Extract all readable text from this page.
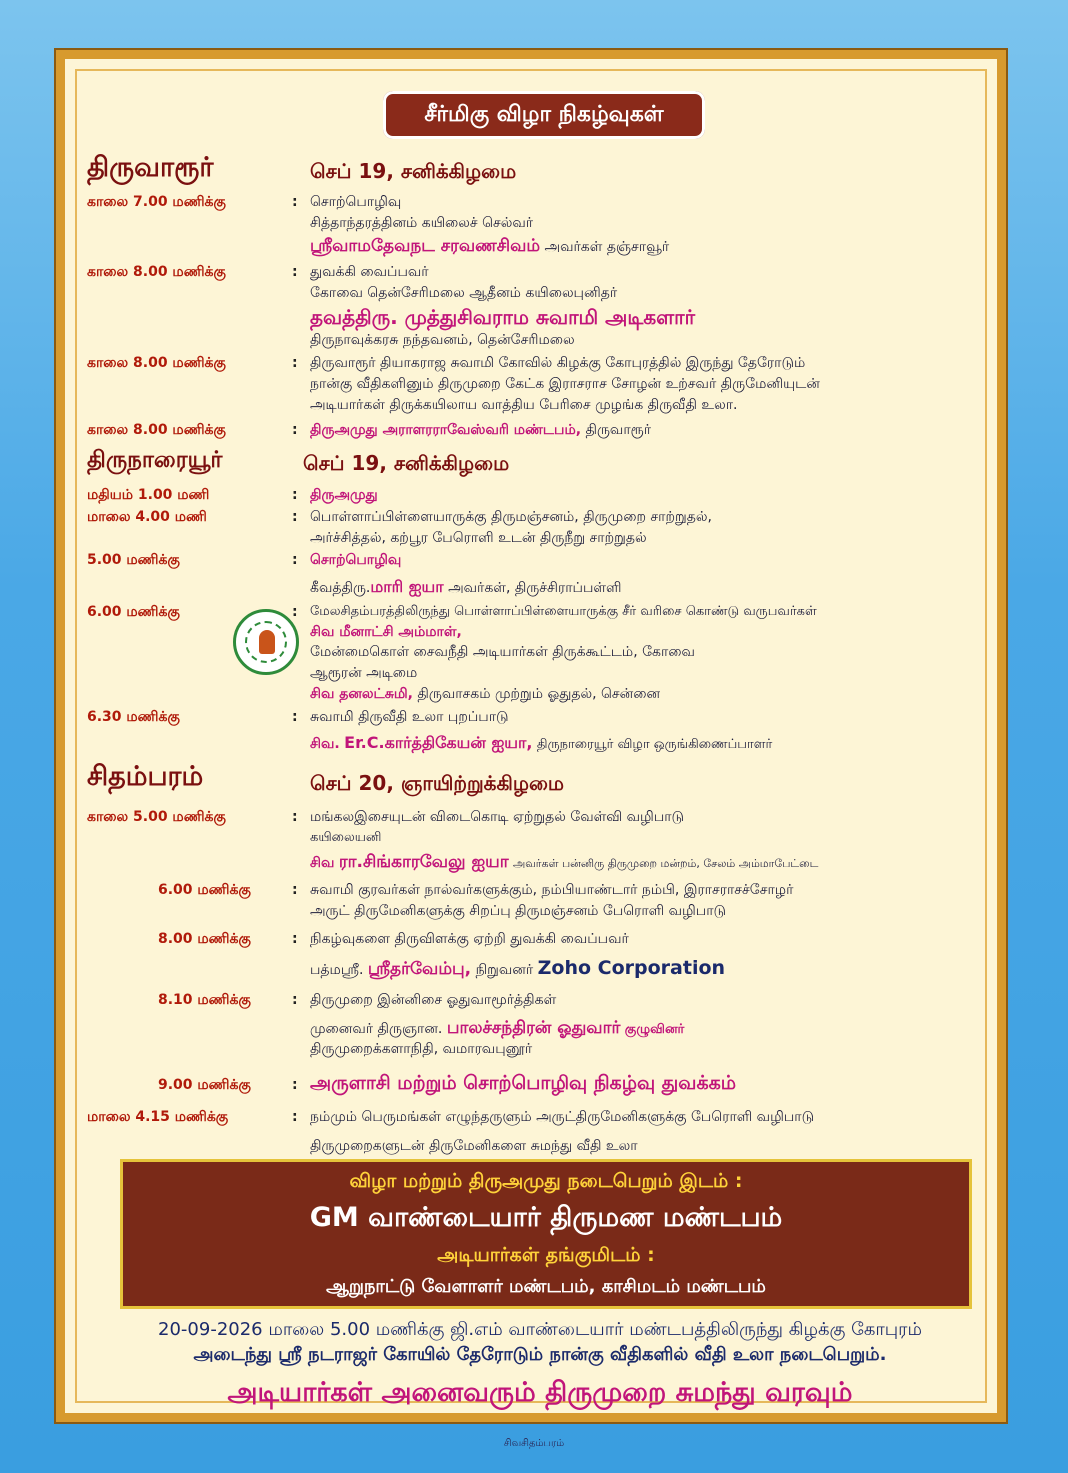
சீர்மிகு விழா நிகழ்வுகள்
திருவாரூர்	செப் 19, சனிக்கிழமை
காலை 7.00 மணிக்கு	: சொற்பொழிவு
சித்தாந்தரத்தினம் கயிலைச் செல்வர்
ஸ்ரீவாமதேவநட சரவணசிவம் அவர்கள் தஞ்சாவூர்
காலை 8.00 மணிக்கு	: துவக்கி வைப்பவர்
கோவை தென்சேரிமலை ஆதீனம் கயிலைபுனிதர்
தவத்திரு. முத்துசிவராம சுவாமி அடிகளார்
திருநாவுக்கரசு நந்தவனம், தென்சேரிமலை
காலை 8.00 மணிக்கு	: திருவாரூர் தியாகராஜ சுவாமி கோவில் கிழக்கு கோபுரத்தில் இருந்து தேரோடும்
நான்கு வீதிகளினும் திருமுறை கேட்க இராசராச சோழன் உற்சவர் திருமேனியுடன்
அடியார்கள் திருக்கயிலாய வாத்திய பேரிசை முழங்க திருவீதி உலா.
காலை 8.00 மணிக்கு	: திருஅமுது அராளரராவேஸ்வரி மண்டபம், திருவாரூர்
திருநாரையூர்	செப் 19, சனிக்கிழமை
மதியம் 1.00 மணி	: திருஅமுது
மாலை 4.00 மணி	: பொள்ளாப்பிள்ளையாருக்கு திருமஞ்சனம், திருமுறை சாற்றுதல்,
அர்ச்சித்தல், கற்பூர பேரொளி உடன் திருநீறு சாற்றுதல்
5.00 மணிக்கு	: சொற்பொழிவு
கீவத்திரு.மாரி ஐயா அவர்கள், திருச்சிராப்பள்ளி
6.00 மணிக்கு	: மேலசிதம்பரத்திலிருந்து பொள்ளாப்பிள்ளையாருக்கு சீர் வரிசை கொண்டு வருபவர்கள்
சிவ மீனாட்சி அம்மாள்,
மேன்மைகொள் சைவநீதி அடியார்கள் திருக்கூட்டம், கோவை
ஆரூரன் அடிமை
சிவ தனலட்சுமி, திருவாசகம் முற்றும் ஓதுதல், சென்னை
6.30 மணிக்கு	: சுவாமி திருவீதி உலா புறப்பாடு
சிவ. Er.C.கார்த்திகேயன் ஐயா, திருநாரையூர் விழா ஒருங்கிணைப்பாளர்
சிதம்பரம்	செப் 20, ஞாயிற்றுக்கிழமை
காலை 5.00 மணிக்கு	: மங்கலஇசையுடன் விடைகொடி ஏற்றுதல் வேள்வி வழிபாடு
கயிலையனி
சிவ ரா.சிங்காரவேலு ஐயா அவர்கள் பன்னிரு திருமுறை மன்றம், சேலம் அம்மாபேட்டை
6.00 மணிக்கு	: சுவாமி குரவர்கள் நால்வர்களுக்கும், நம்பியாண்டார் நம்பி, இராசராசச்சோழர்
அருட் திருமேனிகளுக்கு சிறப்பு திருமஞ்சனம் பேரொளி வழிபாடு
8.00 மணிக்கு	: நிகழ்வுகளை திருவிளக்கு ஏற்றி துவக்கி வைப்பவர்
பத்மஸ்ரீ. ஸ்ரீதர்வேம்பு, நிறுவனர் Zoho Corporation
8.10 மணிக்கு	: திருமுறை இன்னிசை ஓதுவாமூர்த்திகள்
முனைவர் திருஞான. பாலச்சந்திரன் ஓதுவார் குழுவினர்
திருமுறைக்களாநிதி, வமாரவபுனூர்
9.00 மணிக்கு	: அருளாசி மற்றும் சொற்பொழிவு நிகழ்வு துவக்கம்
மாலை 4.15 மணிக்கு	: நம்மும் பெருமங்கள் எழுந்தருளும் அருட்திருமேனிகளுக்கு பேரொளி வழிபாடு
திருமுறைகளுடன் திருமேனிகளை சுமந்து வீதி உலா
விழா மற்றும் திருஅமுது நடைபெறும் இடம் :
GM வாண்டையார் திருமண மண்டபம்
அடியார்கள் தங்குமிடம் :
ஆறுநாட்டு வேளாளர் மண்டபம், காசிமடம் மண்டபம்
20-09-2026 மாலை 5.00 மணிக்கு ஜி.எம் வாண்டையார் மண்டபத்திலிருந்து கிழக்கு கோபுரம்
அடைந்து ஸ்ரீ நடராஜர் கோயில் தேரோடும் நான்கு வீதிகளில் வீதி உலா நடைபெறும்.
அடியார்கள் அனைவரும் திருமுறை சுமந்து வரவும்
சிவசிதம்பரம்
